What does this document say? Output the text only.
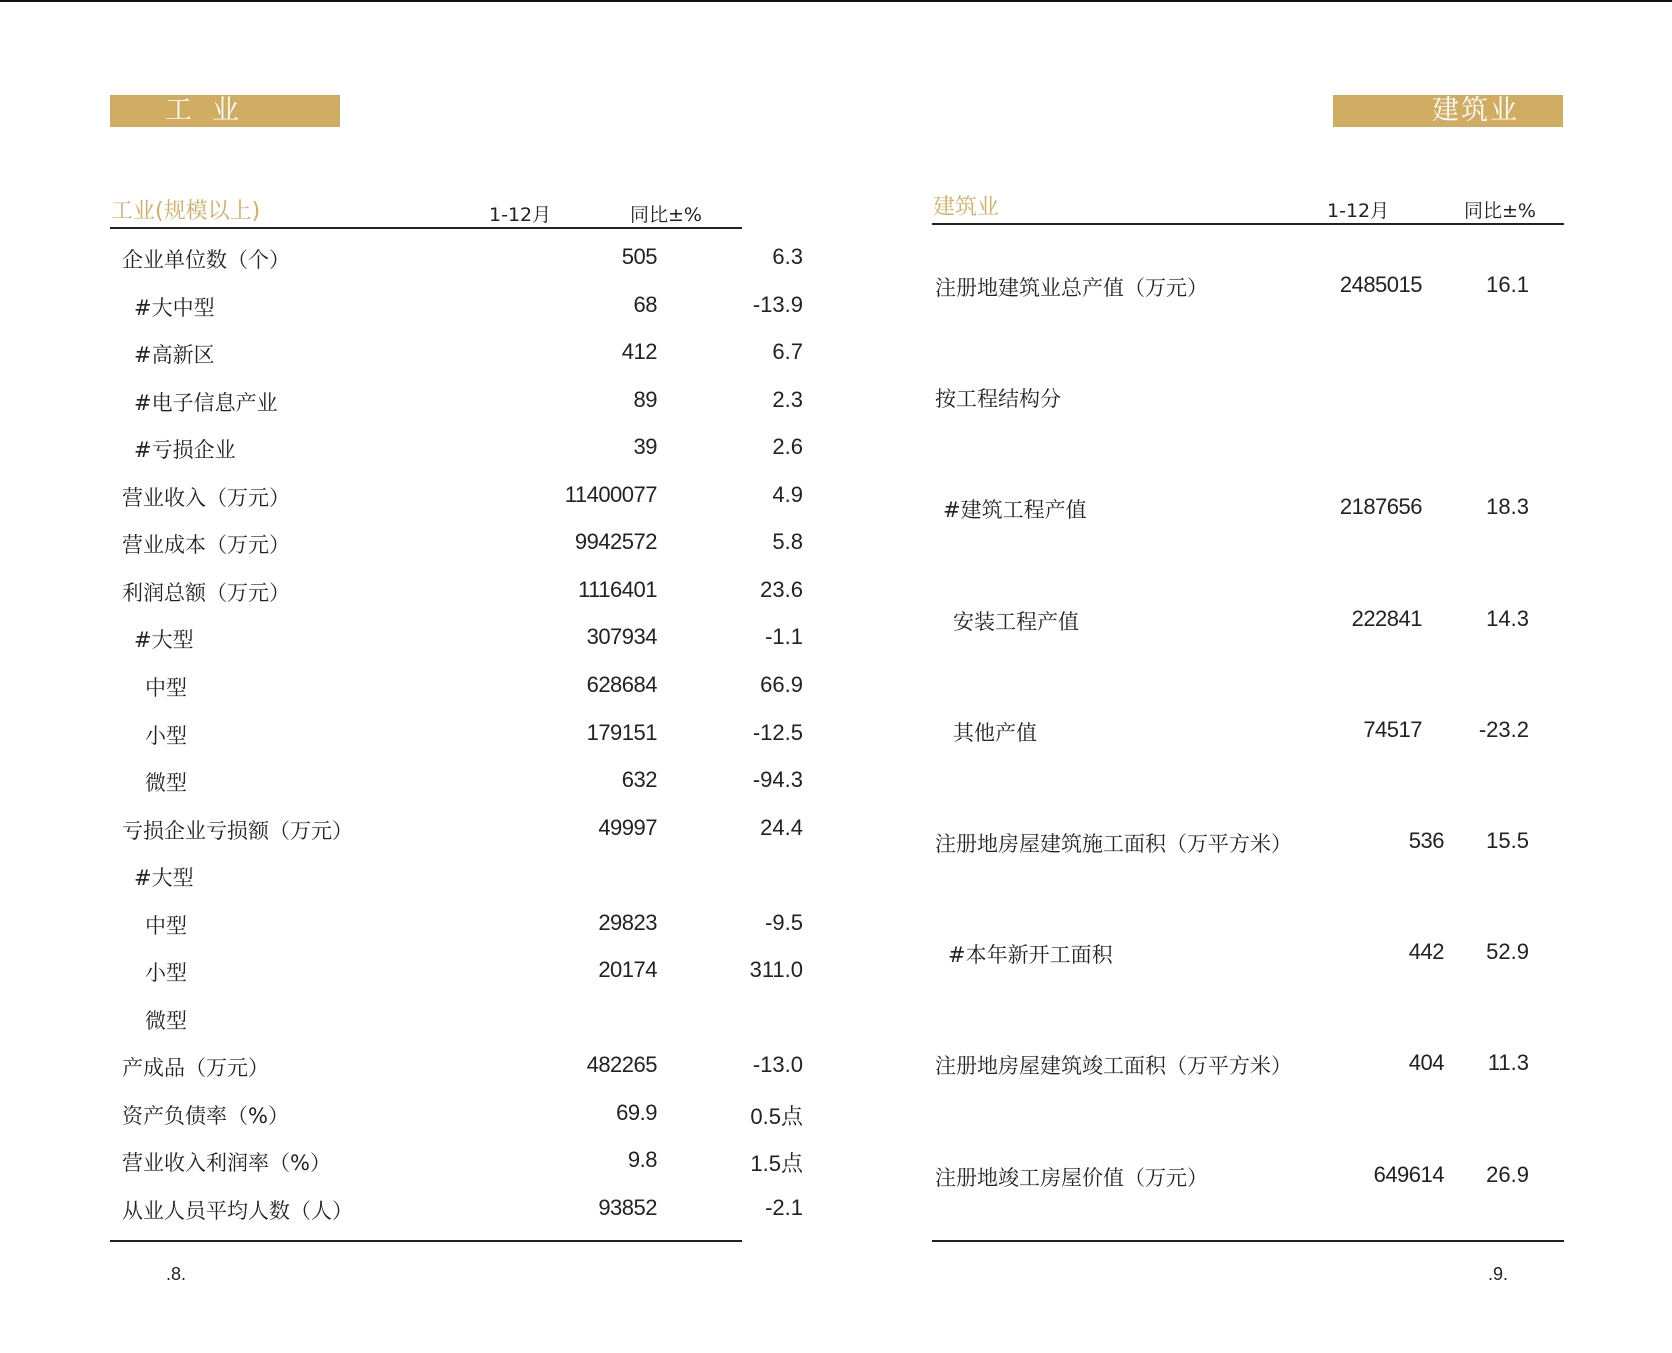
工业	建筑业
工业(规模以上)	1-12月	同比±%
企业单位数（个）	505	6.3
#大中型	68	-13.9
#高新区	412	6.7
#电子信息产业	89	2.3
#亏损企业	39	2.6
营业收入（万元）	11400077	4.9
营业成本（万元）	9942572	5.8
利润总额（万元）	1116401	23.6
#大型	307934	-1.1
中型	628684	66.9
小型	179151	-12.5
微型	632	-94.3
亏损企业亏损额（万元）	49997	24.4
#大型
中型	29823	-9.5
小型	20174	311.0
微型
产成品（万元）	482265	-13.0
资产负债率（%）	69.9	0.5点
营业收入利润率（%）	9.8	1.5点
从业人员平均人数（人）	93852	-2.1
.8.
建筑业	1-12月	同比±%
注册地建筑业总产值（万元）	2485015	16.1
按工程结构分
#建筑工程产值	2187656	18.3
安装工程产值	222841	14.3
其他产值	74517	-23.2
注册地房屋建筑施工面积（万平方米）	536	15.5
#本年新开工面积	442	52.9
注册地房屋建筑竣工面积（万平方米）	404	11.3
注册地竣工房屋价值（万元）	649614	26.9
.9.
